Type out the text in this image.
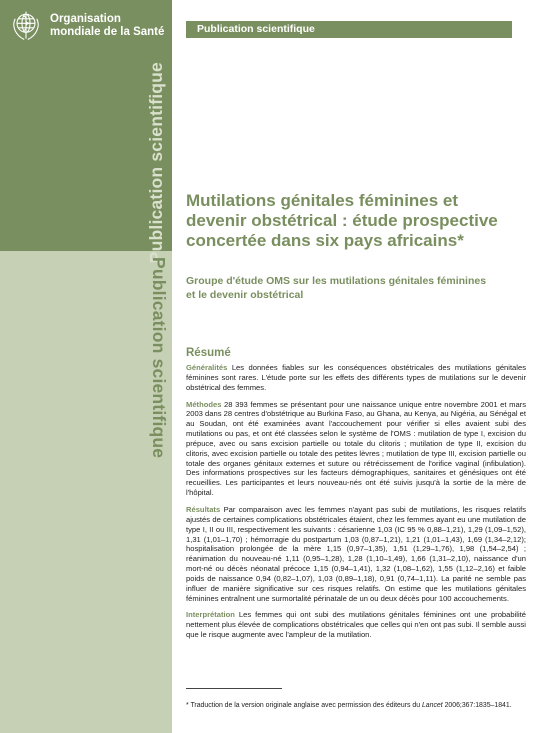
Organisation
mondiale de la Santé
Publication scientifique
Publication scientifique
Publication scientifique
Mutilations génitales féminines et
devenir obstétrical : étude prospective
concertée dans six pays africains*
Groupe d'étude OMS sur les mutilations génitales féminines
et le devenir obstétrical
Résumé

Généralités Les données fiables sur les conséquences obstétricales des mutilations génitales féminines sont rares. L'étude porte sur les effets des différents types de mutilations sur le devenir obstétrical des femmes.

Méthodes 28 393 femmes se présentant pour une naissance unique entre novembre 2001 et mars 2003 dans 28 centres d'obstétrique au Burkina Faso, au Ghana, au Kenya, au Nigéria, au Sénégal et au Soudan, ont été examinées avant l'accouchement pour vérifier si elles avaient subi des mutilations ou pas, et ont été classées selon le système de l'OMS : mutilation de type I, excision du prépuce, avec ou sans excision partielle ou totale du clitoris ; mutilation de type II, excision du clitoris, avec excision partielle ou totale des petites lèvres ; mutilation de type III, excision partielle ou totale des organes génitaux externes et suture ou rétrécissement de l'orifice vaginal (infibulation). Des informations prospectives sur les facteurs démographiques, sanitaires et génésiques ont été recueillies. Les participantes et leurs nouveau-nés ont été suivis jusqu'à la sortie de la mère de l'hôpital.

Résultats Par comparaison avec les femmes n'ayant pas subi de mutilations, les risques relatifs ajustés de certaines complications obstétricales étaient, chez les femmes ayant eu une mutilation de type I, II ou III, respectivement les suivants : césarienne 1,03 (IC 95 % 0,88–1,21), 1,29 (1,09–1,52), 1,31 (1,01–1,70) ; hémorragie du postpartum 1,03 (0,87–1,21), 1,21 (1,01–1,43), 1,69 (1,34–2,12); hospitalisation prolongée de la mère 1,15 (0,97–1,35), 1,51 (1,29–1,76), 1,98 (1,54–2,54) ; réanimation du nouveau-né 1,11 (0,95–1,28), 1,28 (1,10–1,49), 1,66 (1,31–2,10), naissance d'un mort-né ou décès néonatal précoce 1,15 (0,94–1,41), 1,32 (1,08–1,62), 1,55 (1,12–2,16) et faible poids de naissance 0,94 (0,82–1,07), 1,03 (0,89–1,18), 0,91 (0,74–1,11). La parité ne semble pas influer de manière significative sur ces risques relatifs. On estime que les mutilations génitales féminines entraînent une surmortalité périnatale de un ou deux décès pour 100 accouchements.

Interprétation Les femmes qui ont subi des mutilations génitales féminines ont une probabilité nettement plus élevée de complications obstétricales que celles qui n'en ont pas subi. Il semble aussi que le risque augmente avec l'ampleur de la mutilation.

* Traduction de la version originale anglaise avec permission des éditeurs du Lancet 2006;367:1835–1841.
